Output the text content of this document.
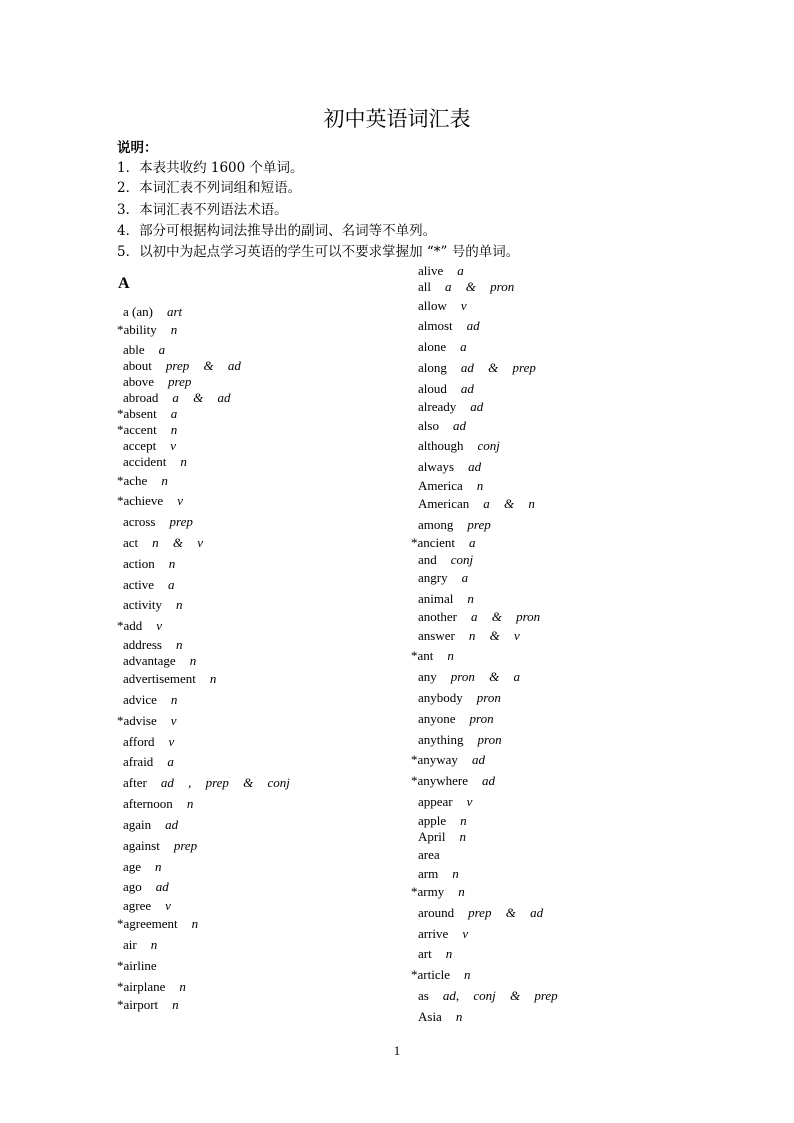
初中英语词汇表
说明：
1．本表共收约 1600 个单词。
2．本词汇表不列词组和短语。
3．本词汇表不列语法术语。
4．部分可根据构词法推导出的副词、名词等不单列。
5．以初中为起点学习英语的学生可以不要求掌握加 “*” 号的单词。
A
a (an) art
*ability n
able a
about prep & ad
above prep
abroad a & ad
*absent a
*accent n
accept v
accident n
*ache n
*achieve v
across prep
act n & v
action n
active a
activity n
*add v
address n
advantage n
advertisement n
advice n
*advise v
afford v
afraid a
after ad , prep & conj
afternoon n
again ad
against prep
age n
ago ad
agree v
*agreement n
air n
*airline
*airplane n
*airport n
alive a
all a & pron
allow v
almost ad
alone a
along ad & prep
aloud ad
already ad
also ad
although conj
always ad
America n
American a & n
among prep
*ancient a
and conj
angry a
animal n
another a & pron
answer n & v
*ant n
any pron & a
anybody pron
anyone pron
anything pron
*anyway ad
*anywhere ad
appear v
apple n
April n
area
arm n
*army n
around prep & ad
arrive v
art n
*article n
as ad, conj & prep
Asia n
1
